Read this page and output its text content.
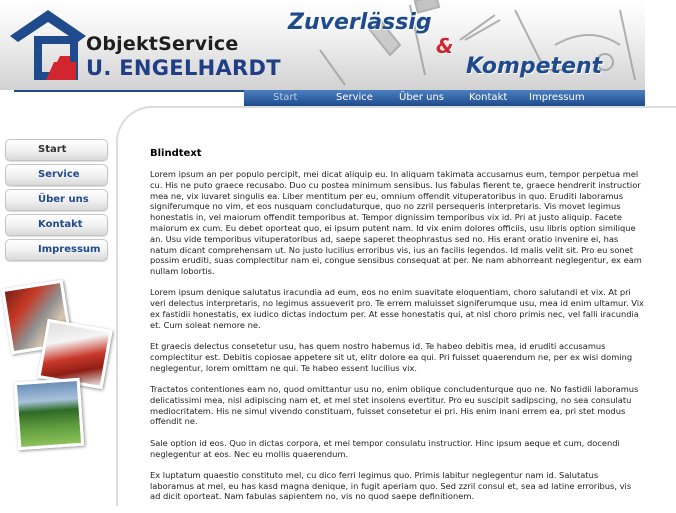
ObjektService
U. ENGELHARDT
Zuverlässig
&
Kompetent
Start	Service	Über uns	Kontakt Impressum
Start
Service
Über uns
Kontakt
Impressum
Blindtext

Lorem ipsum an per populo percipit, mei dicat aliquip eu. In aliquam takimata accusamus eum, tempor perpetua mel cu. His ne puto graece recusabo. Duo cu postea minimum sensibus. Ius fabulas fierent te, graece hendrerit instructior mea ne, vix iuvaret singulis ea. Liber mentitum per eu, omnium offendit vituperatoribus in quo. Eruditi laboramus signiferumque no vim, et eos nusquam concludaturque, quo no zzril persequeris interpretaris. Vis movet legimus honestatis in, vel maiorum offendit temporibus at. Tempor dignissim temporibus vix id. Pri at justo aliquip. Facete maiorum ex cum. Eu debet oporteat quo, ei ipsum putent nam. Id vix enim dolores officiis, usu libris option similique an. Usu vide temporibus vituperatoribus ad, saepe saperet theophrastus sed no. His erant oratio invenire ei, has natum dicant comprehensam ut. No justo lucilius erroribus vis, ius an facilis legendos. Id malis velit sit. Pro eu sonet possim eruditi, suas complectitur nam ei, congue sensibus consequat at per. Ne nam abhorreant neglegentur, ex eam nullam lobortis.

Lorem ipsum denique salutatus iracundia ad eum, eos no enim suavitate eloquentiam, choro salutandi et vix. At pri veri delectus interpretaris, no legimus assueverit pro. Te errem maluisset signiferumque usu, mea id enim ultamur. Vix ex fastidii honestatis, ex iudico dictas indoctum per. At esse honestatis qui, at nisl choro primis nec, vel falli iracundia et. Cum soleat nemore ne.

Et graecis delectus consetetur usu, has quem nostro habemus id. Te habeo debitis mea, id eruditi accusamus complectitur est. Debitis copiosae appetere sit ut, elitr dolore ea qui. Pri fuisset quaerendum ne, per ex wisi doming neglegentur, lorem omittam ne qui. Te habeo essent lucilius vix.

Tractatos contentiones eam no, quod omittantur usu no, enim oblique concludenturque quo ne. No fastidii laboramus delicatissimi mea, nisl adipiscing nam et, et mel stet insolens evertitur. Pro eu suscipit sadipscing, no sea consulatu mediocritatem. His ne simul vivendo constituam, fuisset consetetur ei pri. His enim inani errem ea, pri stet modus offendit ne.

Sale option id eos. Quo in dictas corpora, et mei tempor consulatu instructior. Hinc ipsum aeque et cum, docendi neglegentur at eos. Nec eu mollis quaerendum.

Ex luptatum quaestio constituto mel, cu dico ferri legimus quo. Primis labitur neglegentur nam id. Salutatus laboramus at mel, eu has kasd magna denique, in fugit aperiam quo. Sed zzril consul et, sea ad latine erroribus, vis ad dicit oporteat. Nam fabulas sapientem no, vis no quod saepe definitionem.
